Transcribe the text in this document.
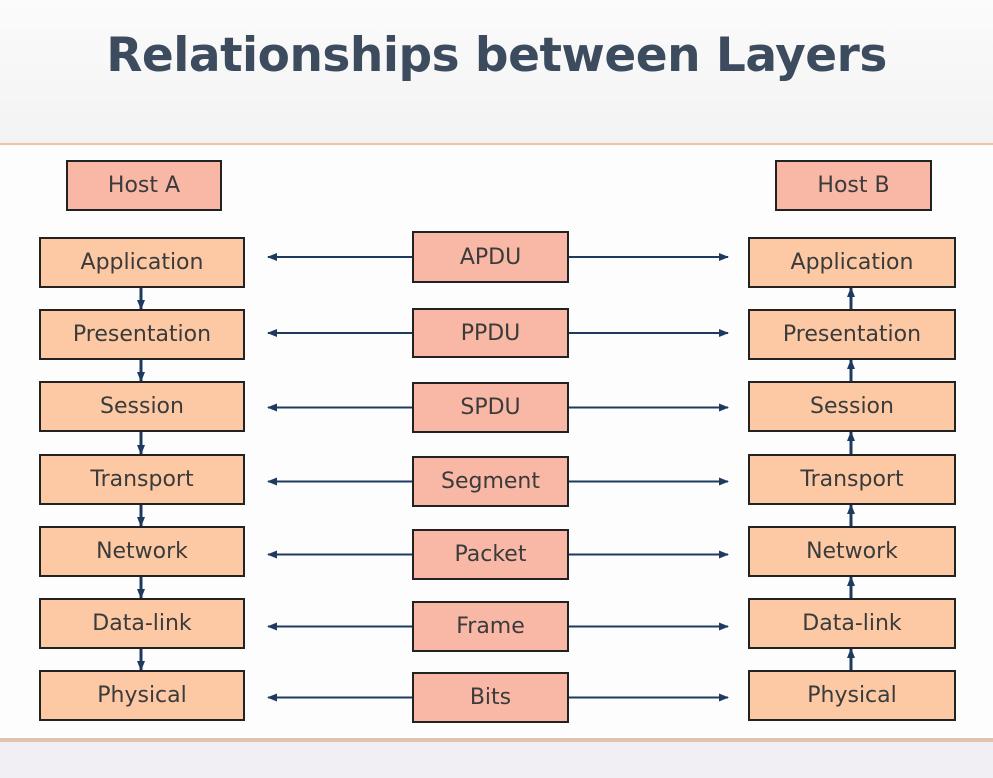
Relationships between Layers
Host A	Host B
Application
Presentation
Session
Transport
Network
Data-link
Physical
APDU
PPDU
SPDU
Segment
Packet
Frame
Bits
Application
Presentation
Session
Transport
Network
Data-link
Physical
